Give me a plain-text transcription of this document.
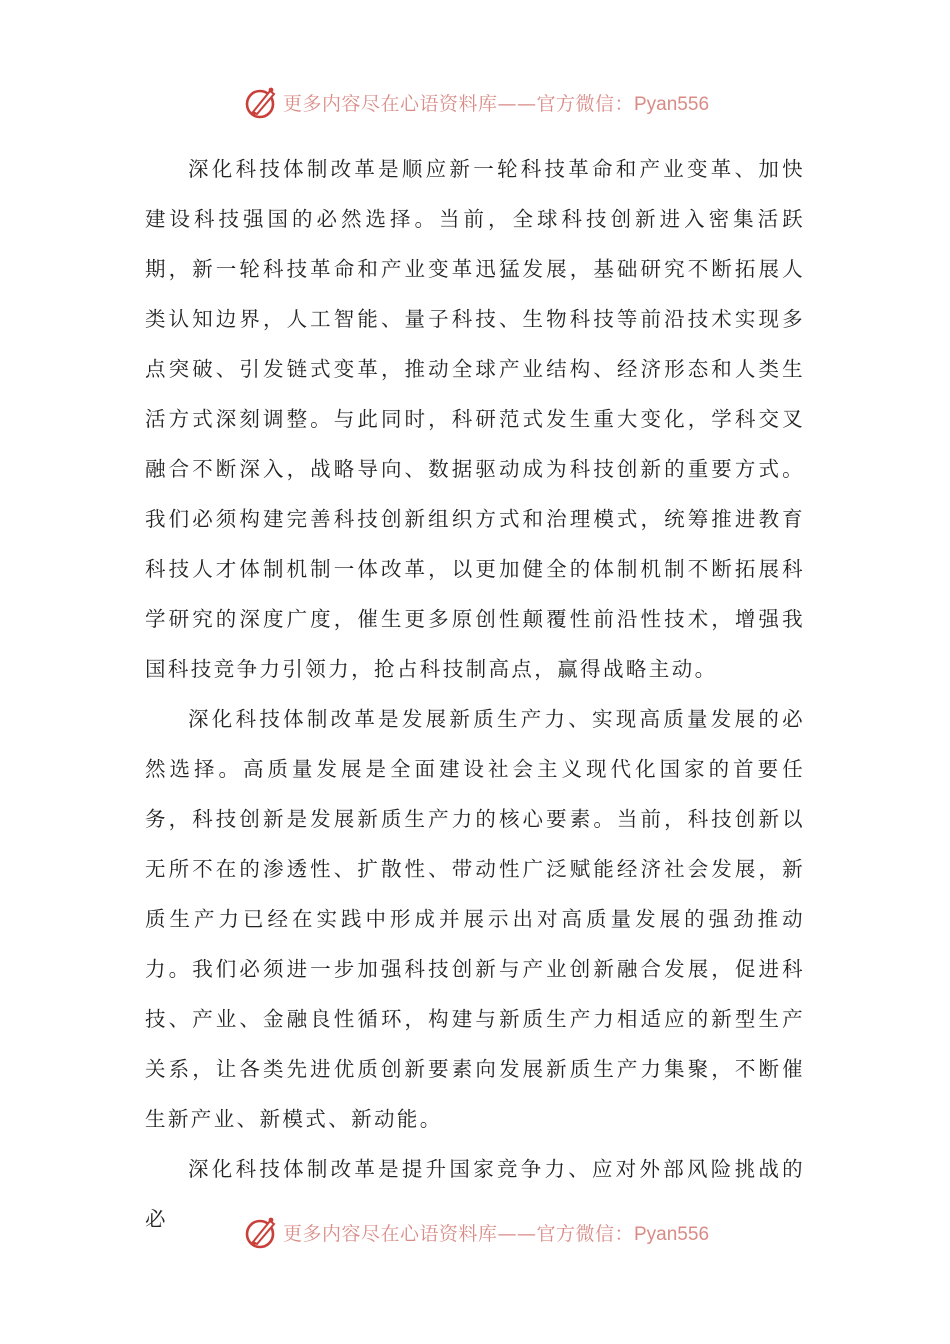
更多内容尽在心语资料库——官方微信：Pyan556

深化科技体制改革是顺应新一轮科技革命和产业变革、加快建设科技强国的必然选择。当前，全球科技创新进入密集活跃期，新一轮科技革命和产业变革迅猛发展，基础研究不断拓展人类认知边界，人工智能、量子科技、生物科技等前沿技术实现多点突破、引发链式变革，推动全球产业结构、经济形态和人类生活方式深刻调整。与此同时，科研范式发生重大变化，学科交叉融合不断深入，战略导向、数据驱动成为科技创新的重要方式。我们必须构建完善科技创新组织方式和治理模式，统筹推进教育科技人才体制机制一体改革，以更加健全的体制机制不断拓展科学研究的深度广度，催生更多原创性颠覆性前沿性技术，增强我国科技竞争力引领力，抢占科技制高点，赢得战略主动。

深化科技体制改革是发展新质生产力、实现高质量发展的必然选择。高质量发展是全面建设社会主义现代化国家的首要任务，科技创新是发展新质生产力的核心要素。当前，科技创新以无所不在的渗透性、扩散性、带动性广泛赋能经济社会发展，新质生产力已经在实践中形成并展示出对高质量发展的强劲推动力。我们必须进一步加强科技创新与产业创新融合发展，促进科技、产业、金融良性循环，构建与新质生产力相适应的新型生产关系，让各类先进优质创新要素向发展新质生产力集聚，不断催生新产业、新模式、新动能。

深化科技体制改革是提升国家竞争力、应对外部风险挑战的必

更多内容尽在心语资料库——官方微信：Pyan556
